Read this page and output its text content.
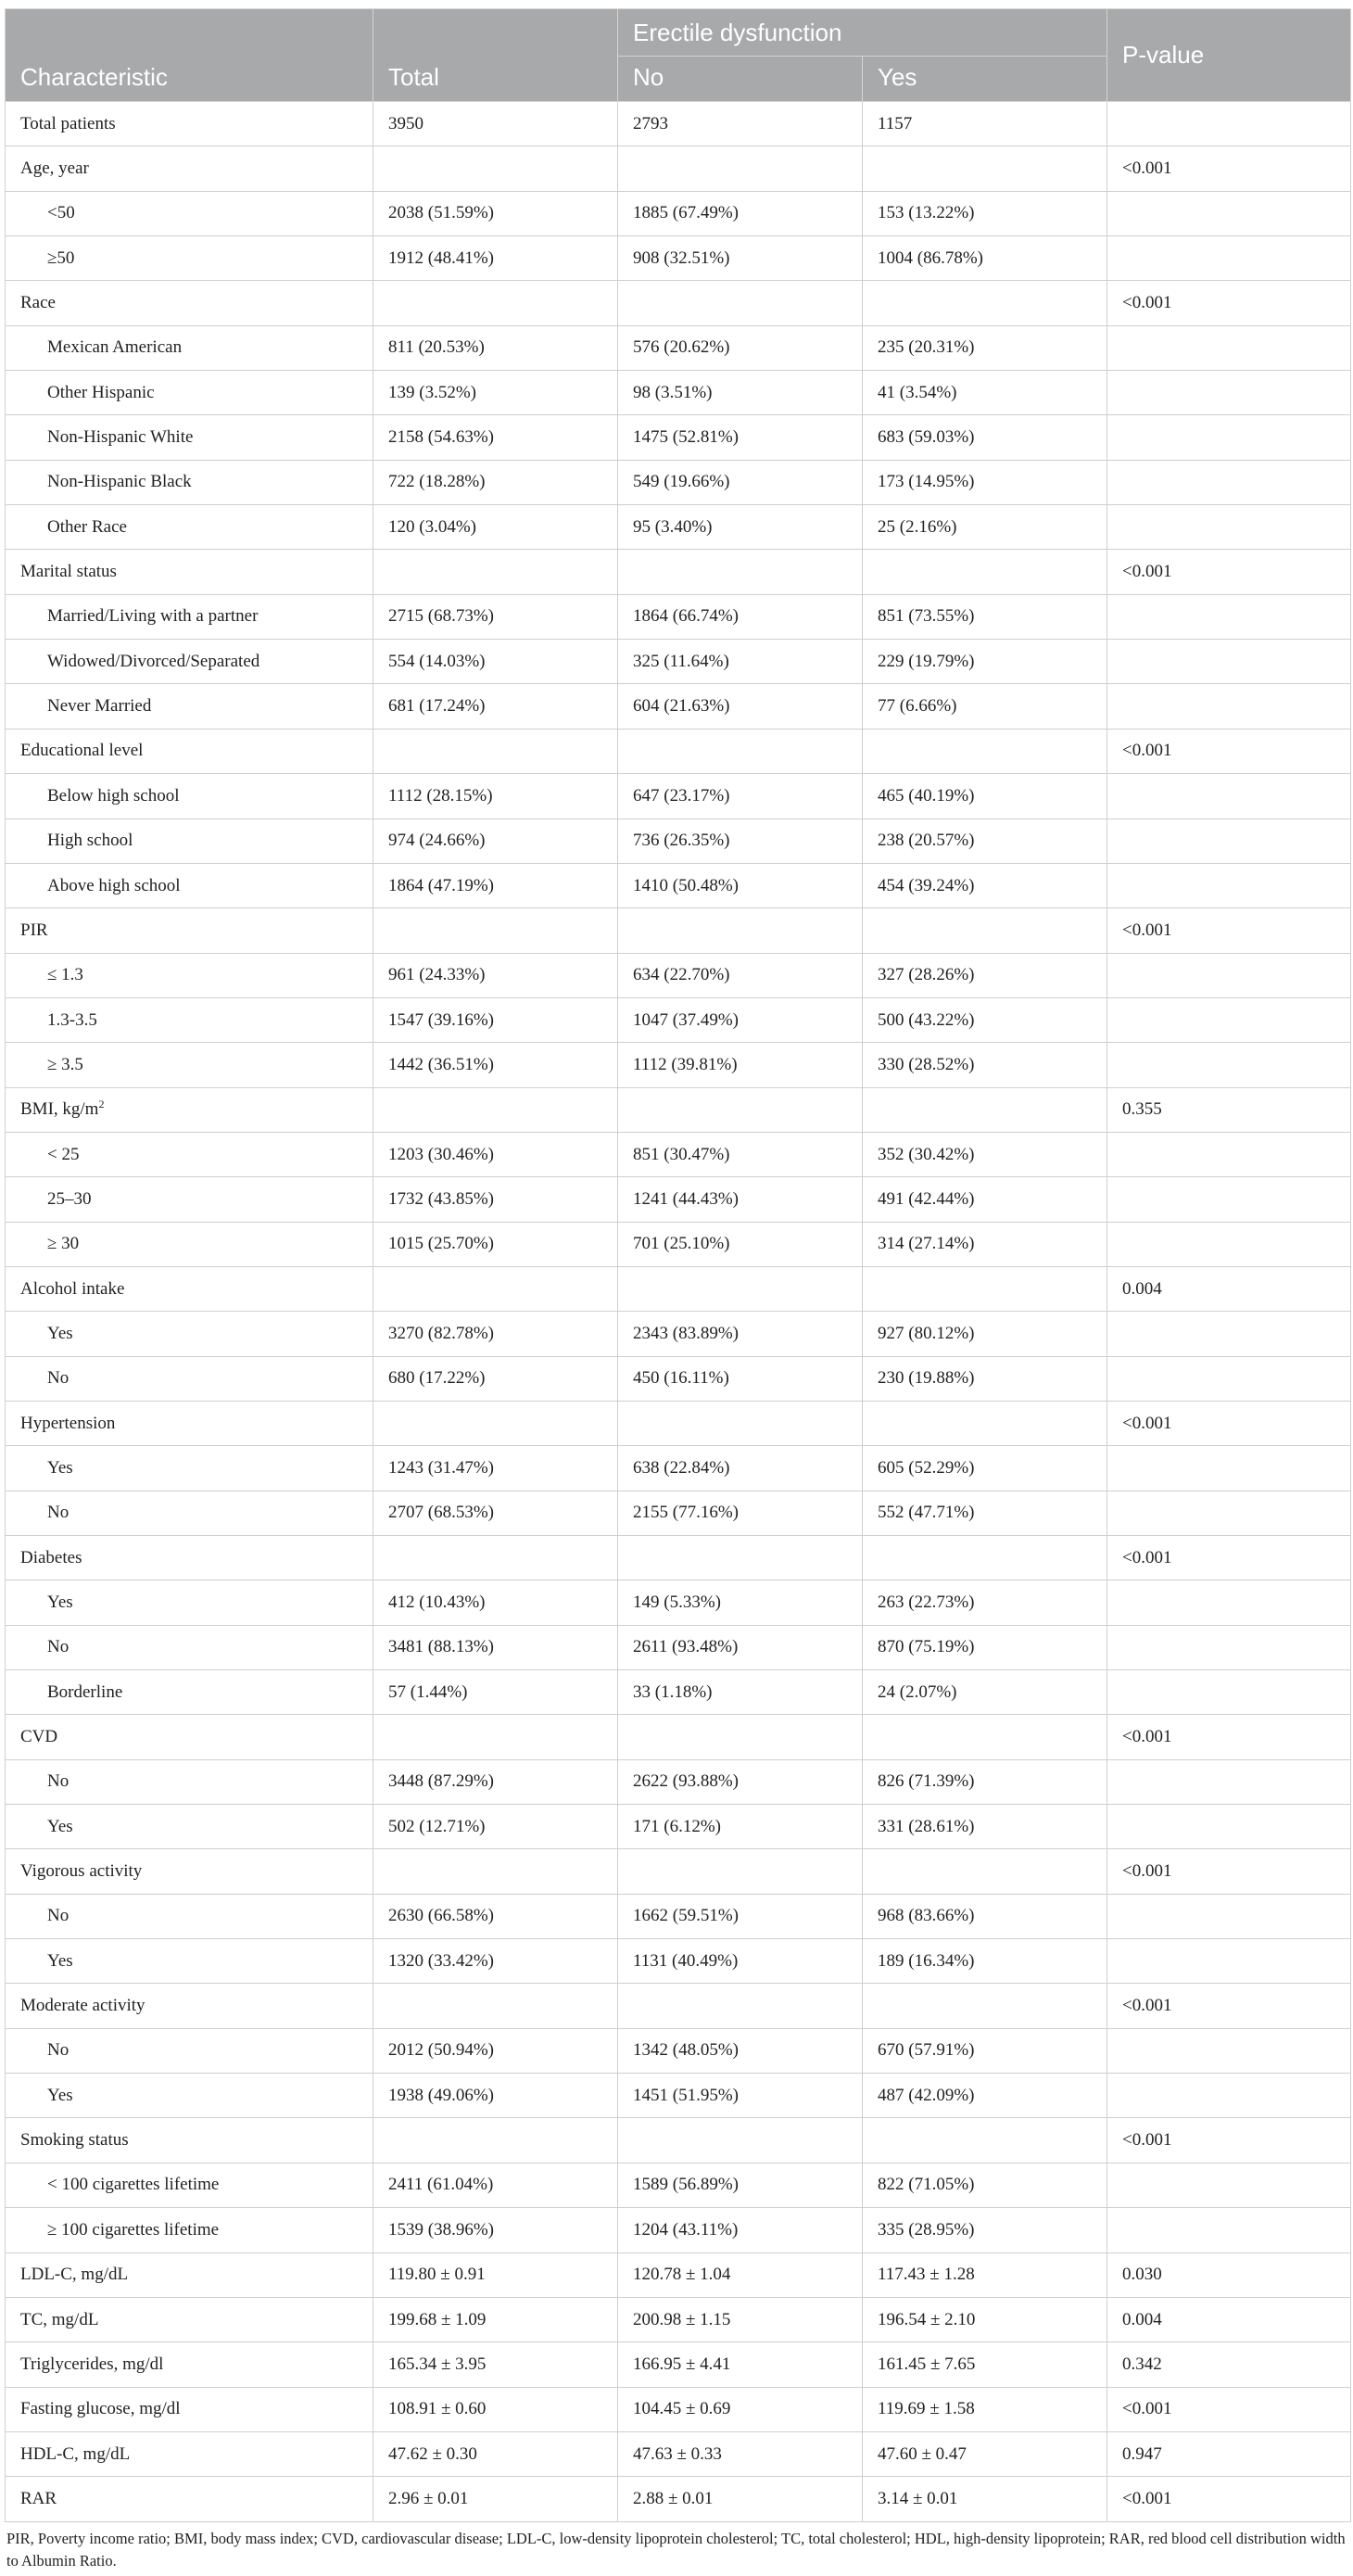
Characteristic	Total	Erectile dysfunction		P-value
		No	Yes	
Total patients	3950	2793	1157	
Age, year				<0.001
<50	2038 (51.59%)	1885 (67.49%)	153 (13.22%)	
≥50	1912 (48.41%)	908 (32.51%)	1004 (86.78%)	
Race				<0.001
Mexican American	811 (20.53%)	576 (20.62%)	235 (20.31%)	
Other Hispanic	139 (3.52%)	98 (3.51%)	41 (3.54%)	
Non-Hispanic White	2158 (54.63%)	1475 (52.81%)	683 (59.03%)	
Non-Hispanic Black	722 (18.28%)	549 (19.66%)	173 (14.95%)	
Other Race	120 (3.04%)	95 (3.40%)	25 (2.16%)	
Marital status				<0.001
Married/Living with a partner	2715 (68.73%)	1864 (66.74%)	851 (73.55%)	
Widowed/Divorced/Separated	554 (14.03%)	325 (11.64%)	229 (19.79%)	
Never Married	681 (17.24%)	604 (21.63%)	77 (6.66%)	
Educational level				<0.001
Below high school	1112 (28.15%)	647 (23.17%)	465 (40.19%)	
High school	974 (24.66%)	736 (26.35%)	238 (20.57%)	
Above high school	1864 (47.19%)	1410 (50.48%)	454 (39.24%)	
PIR				<0.001
≤ 1.3	961 (24.33%)	634 (22.70%)	327 (28.26%)	
1.3-3.5	1547 (39.16%)	1047 (37.49%)	500 (43.22%)	
≥ 3.5	1442 (36.51%)	1112 (39.81%)	330 (28.52%)	
BMI, $kg/m^2$				0.355
< 25	1203 (30.46%)	851 (30.47%)	352 (30.42%)	
25–30	1732 (43.85%)	1241 (44.43%)	491 (42.44%)	
≥ 30	1015 (25.70%)	701 (25.10%)	314 (27.14%)	
Alcohol intake				0.004
Yes	3270 (82.78%)	2343 (83.89%)	927 (80.12%)	
No	680 (17.22%)	450 (16.11%)	230 (19.88%)	
Hypertension				<0.001
Yes	1243 (31.47%)	638 (22.84%)	605 (52.29%)	
No	2707 (68.53%)	2155 (77.16%)	552 (47.71%)	
Diabetes				<0.001
Yes	412 (10.43%)	149 (5.33%)	263 (22.73%)	
No	3481 (88.13%)	2611 (93.48%)	870 (75.19%)	
Borderline	57 (1.44%)	33 (1.18%)	24 (2.07%)	
CVD				<0.001
No	3448 (87.29%)	2622 (93.88%)	826 (71.39%)	
Yes	502 (12.71%)	171 (6.12%)	331 (28.61%)	
Vigorous activity				<0.001
No	2630 (66.58%)	1662 (59.51%)	968 (83.66%)	
Yes	1320 (33.42%)	1131 (40.49%)	189 (16.34%)	
Moderate activity				<0.001
No	2012 (50.94%)	1342 (48.05%)	670 (57.91%)	
Yes	1938 (49.06%)	1451 (51.95%)	487 (42.09%)	
Smoking status				<0.001
< 100 cigarettes lifetime	2411 (61.04%)	1589 (56.89%)	822 (71.05%)	
≥ 100 cigarettes lifetime	1539 (38.96%)	1204 (43.11%)	335 (28.95%)	
LDL-C, mg/dL	119.80 ± 0.91	120.78 ± 1.04	117.43 ± 1.28	0.030
TC, mg/dL	199.68 ± 1.09	200.98 ± 1.15	196.54 ± 2.10	0.004
Triglycerides, mg/dl	165.34 ± 3.95	166.95 ± 4.41	161.45 ± 7.65	0.342
Fasting glucose, mg/dl	108.91 ± 0.60	104.45 ± 0.69	119.69 ± 1.58	<0.001
HDL-C, mg/dL	47.62 ± 0.30	47.63 ± 0.33	47.60 ± 0.47	0.947
RAR	2.96 ± 0.01	2.88 ± 0.01	3.14 ± 0.01	<0.001

PIR, Poverty income ratio; BMI, body mass index; CVD, cardiovascular disease; LDL-C, low-density lipoprotein cholesterol; TC, total cholesterol; HDL, high-density lipoprotein; RAR, red blood cell distribution width to Albumin Ratio.
